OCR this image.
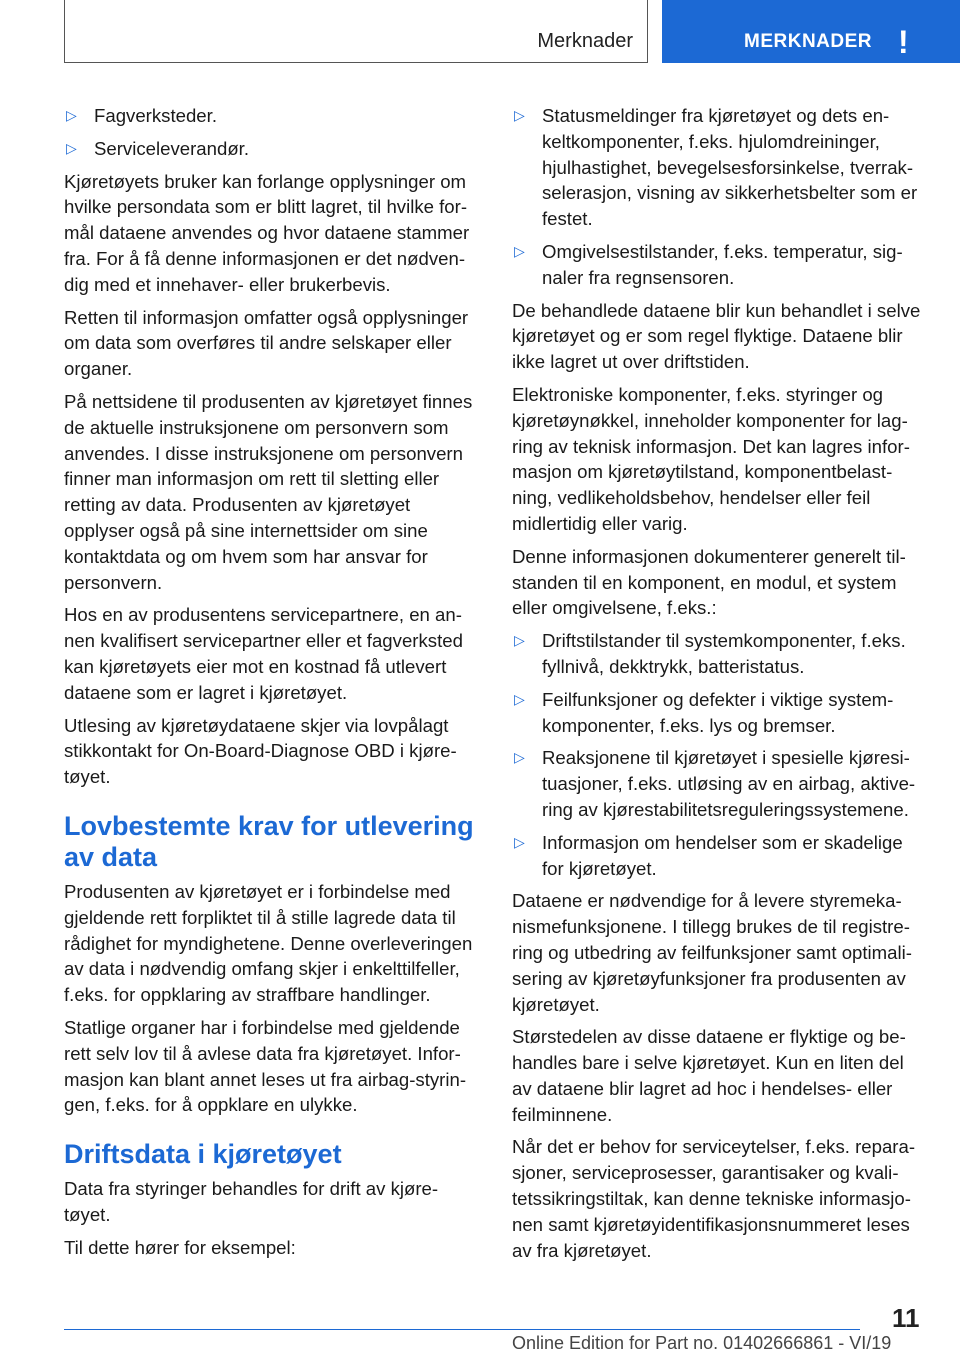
Merknader	MERKNADER !
▷ Fagverksteder.
▷ Serviceleverandør.

Kjøretøyets bruker kan forlange opplysninger om hvilke persondata som er blitt lagret, til hvilke formål dataene anvendes og hvor dataene stammer fra. For å få denne informasjonen er det nødvendig med et innehaver- eller brukerbevis.

Retten til informasjon omfatter også opplysninger om data som overføres til andre selskaper eller organer.

På nettsidene til produsenten av kjøretøyet finnes de aktuelle instruksjonene om personvern som anvendes. I disse instruksjonene om personvern finner man informasjon om rett til sletting eller retting av data. Produsenten av kjøretøyet opplyser også på sine internettsider om sine kontaktdata og om hvem som har ansvar for personvern.

Hos en av produsentens servicepartnere, en annen kvalifisert servicepartner eller et fagverksted kan kjøretøyets eier mot en kostnad få utlevert dataene som er lagret i kjøretøyet.

Utlesing av kjøretøydataene skjer via lovpålagt stikkontakt for On-Board-Diagnose OBD i kjøretøyet.

Lovbestemte krav for utlevering av data

Produsenten av kjøretøyet er i forbindelse med gjeldende rett forpliktet til å stille lagrede data til rådighet for myndighetene. Denne overleveringen av data i nødvendig omfang skjer i enkelttilfeller, f.eks. for oppklaring av straffbare handlinger.

Statlige organer har i forbindelse med gjeldende rett selv lov til å avlese data fra kjøretøyet. Informasjon kan blant annet leses ut fra airbag-styringen, f.eks. for å oppklare en ulykke.

Driftsdata i kjøretøyet

Data fra styringer behandles for drift av kjøretøyet.

Til dette hører for eksempel:

▷ Statusmeldinger fra kjøretøyet og dets enkeltkomponenter, f.eks. hjulomdreininger, hjulhastighet, bevegelsesforsinkelse, tverrakselerasjon, visning av sikkerhetsbelter som er festet.
▷ Omgivelsestilstander, f.eks. temperatur, signaler fra regnsensoren.

De behandlede dataene blir kun behandlet i selve kjøretøyet og er som regel flyktige. Dataene blir ikke lagret ut over driftstiden.

Elektroniske komponenter, f.eks. styringer og kjøretøynøkkel, inneholder komponenter for lagring av teknisk informasjon. Det kan lagres informasjon om kjøretøytilstand, komponentbelastning, vedlikeholdsbehov, hendelser eller feil midlertidig eller varig.

Denne informasjonen dokumenterer generelt tilstanden til en komponent, en modul, et system eller omgivelsene, f.eks.:

▷ Driftstilstander til systemkomponenter, f.eks. fyllnivå, dekktrykk, batteristatus.
▷ Feilfunksjoner og defekter i viktige systemkomponenter, f.eks. lys og bremser.
▷ Reaksjonene til kjøretøyet i spesielle kjøresituasjoner, f.eks. utløsing av en airbag, aktivering av kjørestabilitetsreguleringssystemene.
▷ Informasjon om hendelser som er skadelige for kjøretøyet.

Dataene er nødvendige for å levere styremekanismefunksjonene. I tillegg brukes de til registrering og utbedring av feilfunksjoner samt optimalisering av kjøretøyfunksjoner fra produsenten av kjøretøyet.

Størstedelen av disse dataene er flyktige og behandles bare i selve kjøretøyet. Kun en liten del av dataene blir lagret ad hoc i hendelses- eller feilminnene.

Når det er behov for serviceytelser, f.eks. reparasjoner, serviceprosesser, garantisaker og kvalitetssikringstiltak, kan denne tekniske informasjonen samt kjøretøyidentifikasjonsnummeret leses av fra kjøretøyet.

11
Online Edition for Part no. 01402666861 - VI/19
